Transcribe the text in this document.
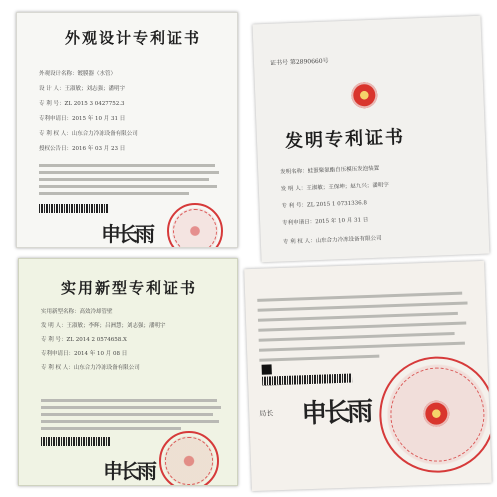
外观设计专利证书
外观设计名称：镀膜器（水管）
设 计 人：王淑敏；刘志强；潘明宇
专 利 号：ZL 2015 3 0427752.3
专利申请日：2015 年 10 月 31 日
专 利 权 人：山东合力冷冻设备有限公司
授权公告日：2016 年 03 月 23 日
申长雨
证书号 第2890660号
发明专利证书
发明名称：蛙蛋聚氨酯自压模压发泡装置
发 明 人：王淑敏；王保坤；赵九兴；潘明宇
专 利 号：ZL 2015 1 0731336.8
专利申请日：2015 年 10 月 31 日
专 利 权 人：山东合力冷冻设备有限公司
实用新型专利证书
实用新型名称：高效冷却管壁
发 明 人：王淑敏；李辉；吕洲慧；刘志强；潘明宇
专 利 号：ZL 2014 2 0574658.X
专利申请日：2014 年 10 月 08 日
专 利 权 人：山东合力冷冻设备有限公司
申长雨
局长 申长雨
